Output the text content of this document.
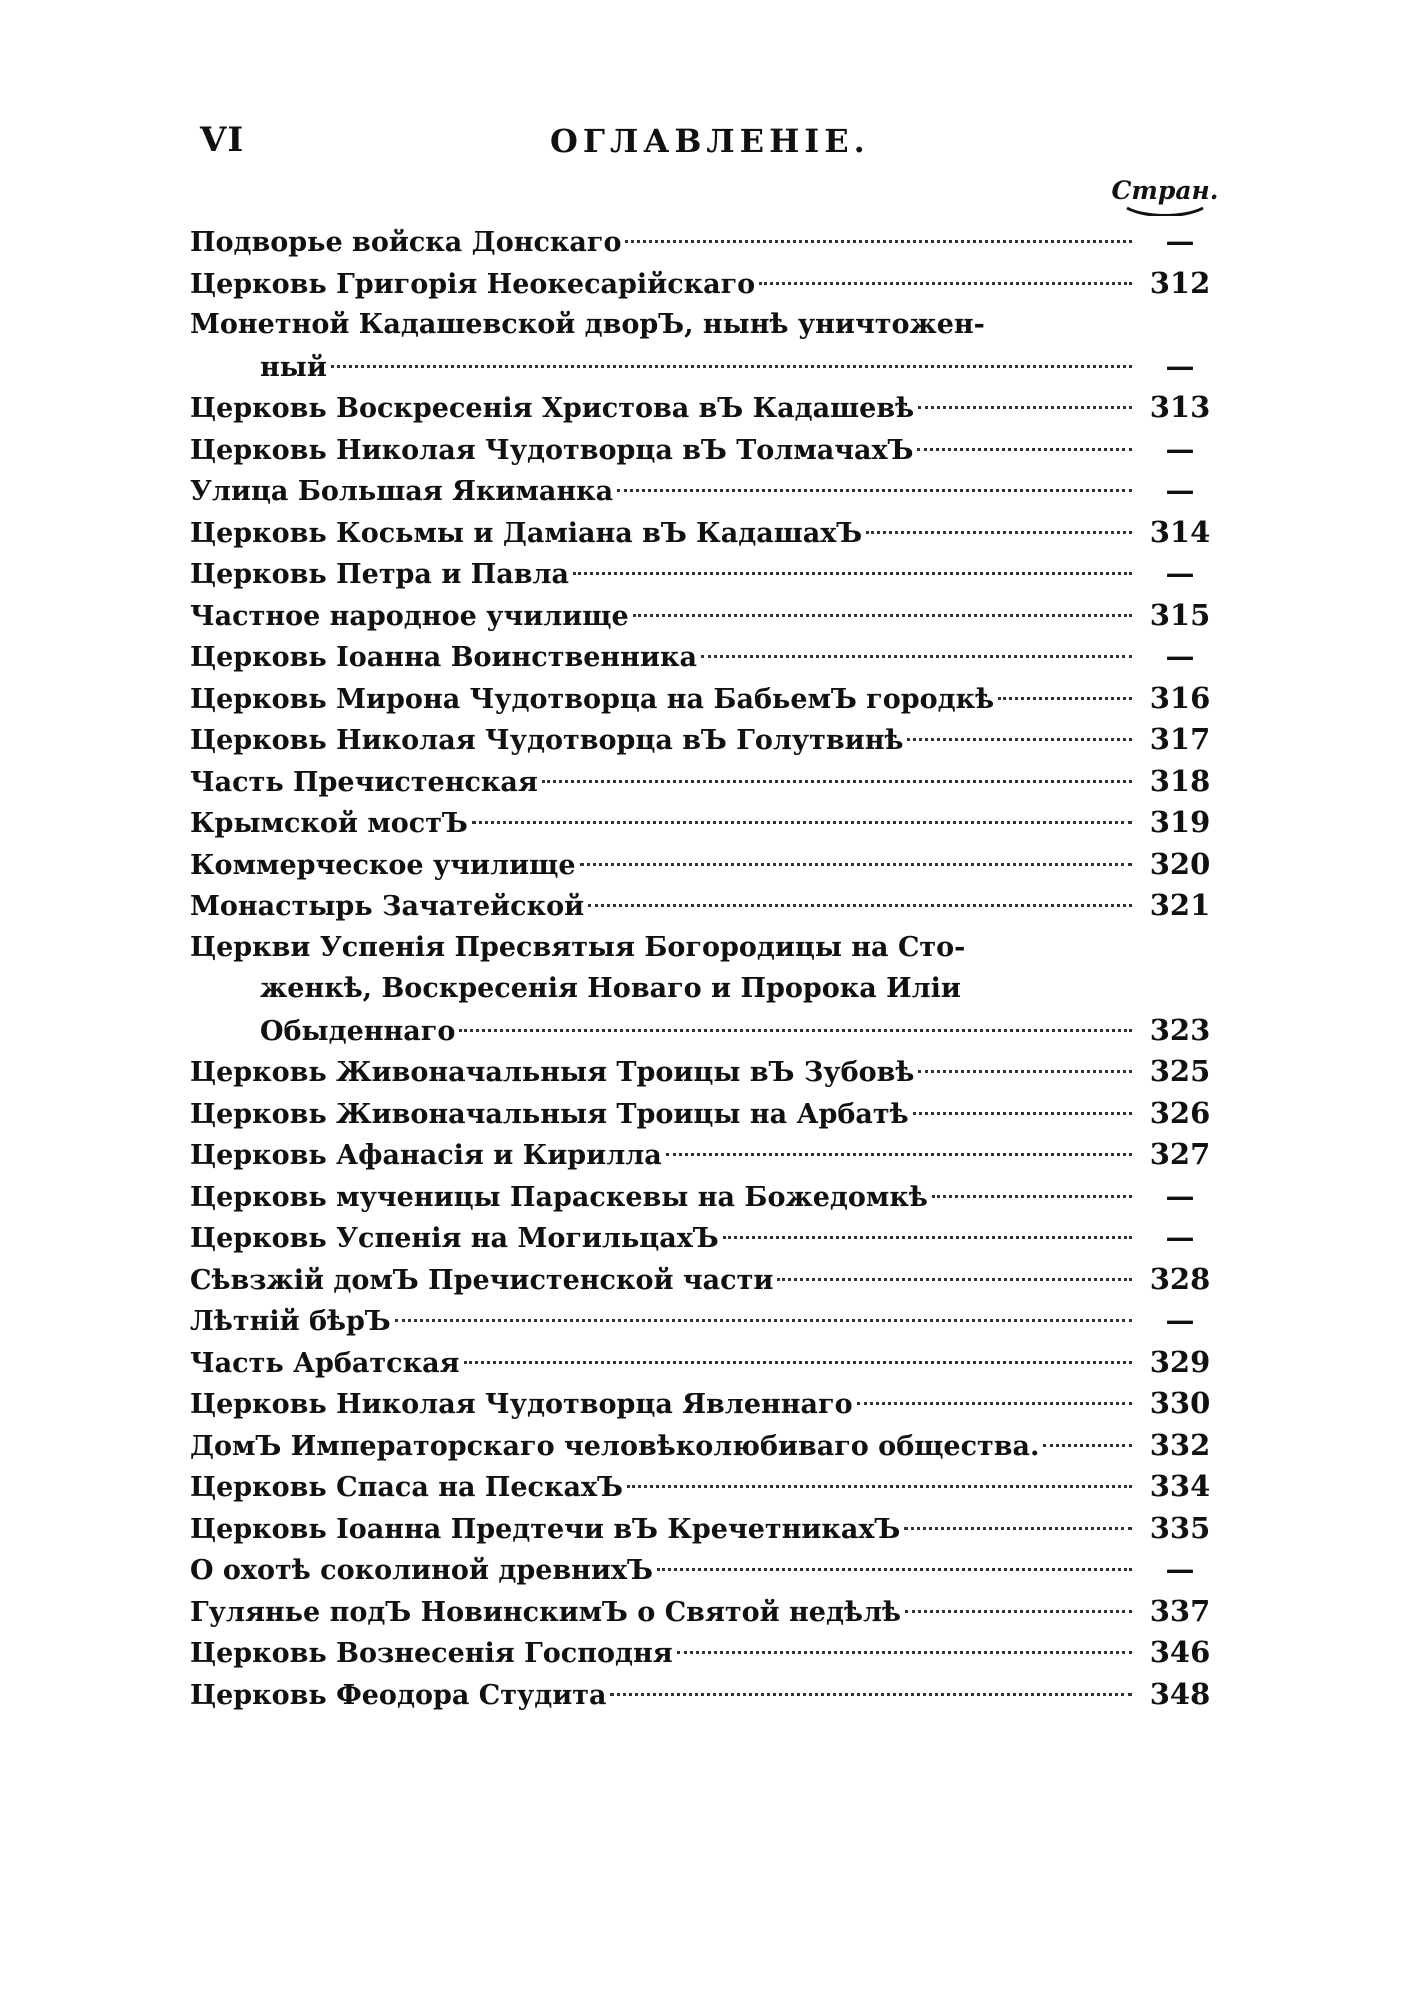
VI	ОГЛАВЛЕНІЕ.
Стран.
Подворье войска Донскаго	—
Церковь Григорія Неокесарійскаго	312
Монетной Кадашевской дворЪ, нынѣ уничтожен-
ный	—
Церковь Воскресенія Христова вЪ Кадашевѣ	313
Церковь Николая Чудотворца вЪ ТолмачахЪ	—
Улица Большая Якиманка	—
Церковь Косьмы и Даміана вЪ КадашахЪ	314
Церковь Петра и Павла	—
Частное народное училище	315
Церковь Іоанна Воинственника	—
Церковь Мирона Чудотворца на БабьемЪ городкѣ	316
Церковь Николая Чудотворца вЪ Голутвинѣ	317
Часть Пречистенская	318
Крымской мостЪ	319
Коммерческое училище	320
Монастырь Зачатейской	321
Церкви Успенія Пресвятыя Богородицы на Сто-
женкѣ, Воскресенія Новаго и Пророка Иліи
Обыденнаго	323
Церковь Живоначальныя Троицы вЪ Зубовѣ	325
Церковь Живоначальныя Троицы на Арбатѣ	326
Церковь Афанасія и Кирилла	327
Церковь мученицы Параскевы на Божедомкѣ	—
Церковь Успенія на МогильцахЪ	—
Сѣвзжій домЪ Пречистенской части	328
Лѣтній бѣрЪ	—
Часть Арбатская	329
Церковь Николая Чудотворца Явленнаго	330
ДомЪ Императорскаго человѣколюбиваго общества.	332
Церковь Спаса на ПескахЪ	334
Церковь Іоанна Предтечи вЪ КречетникахЪ	335
О охотѣ соколиной древнихЪ	—
Гулянье подЪ НовинскимЪ о Святой недѣлѣ	337
Церковь Вознесенія Господня	346
Церковь Феодора Студита	348
